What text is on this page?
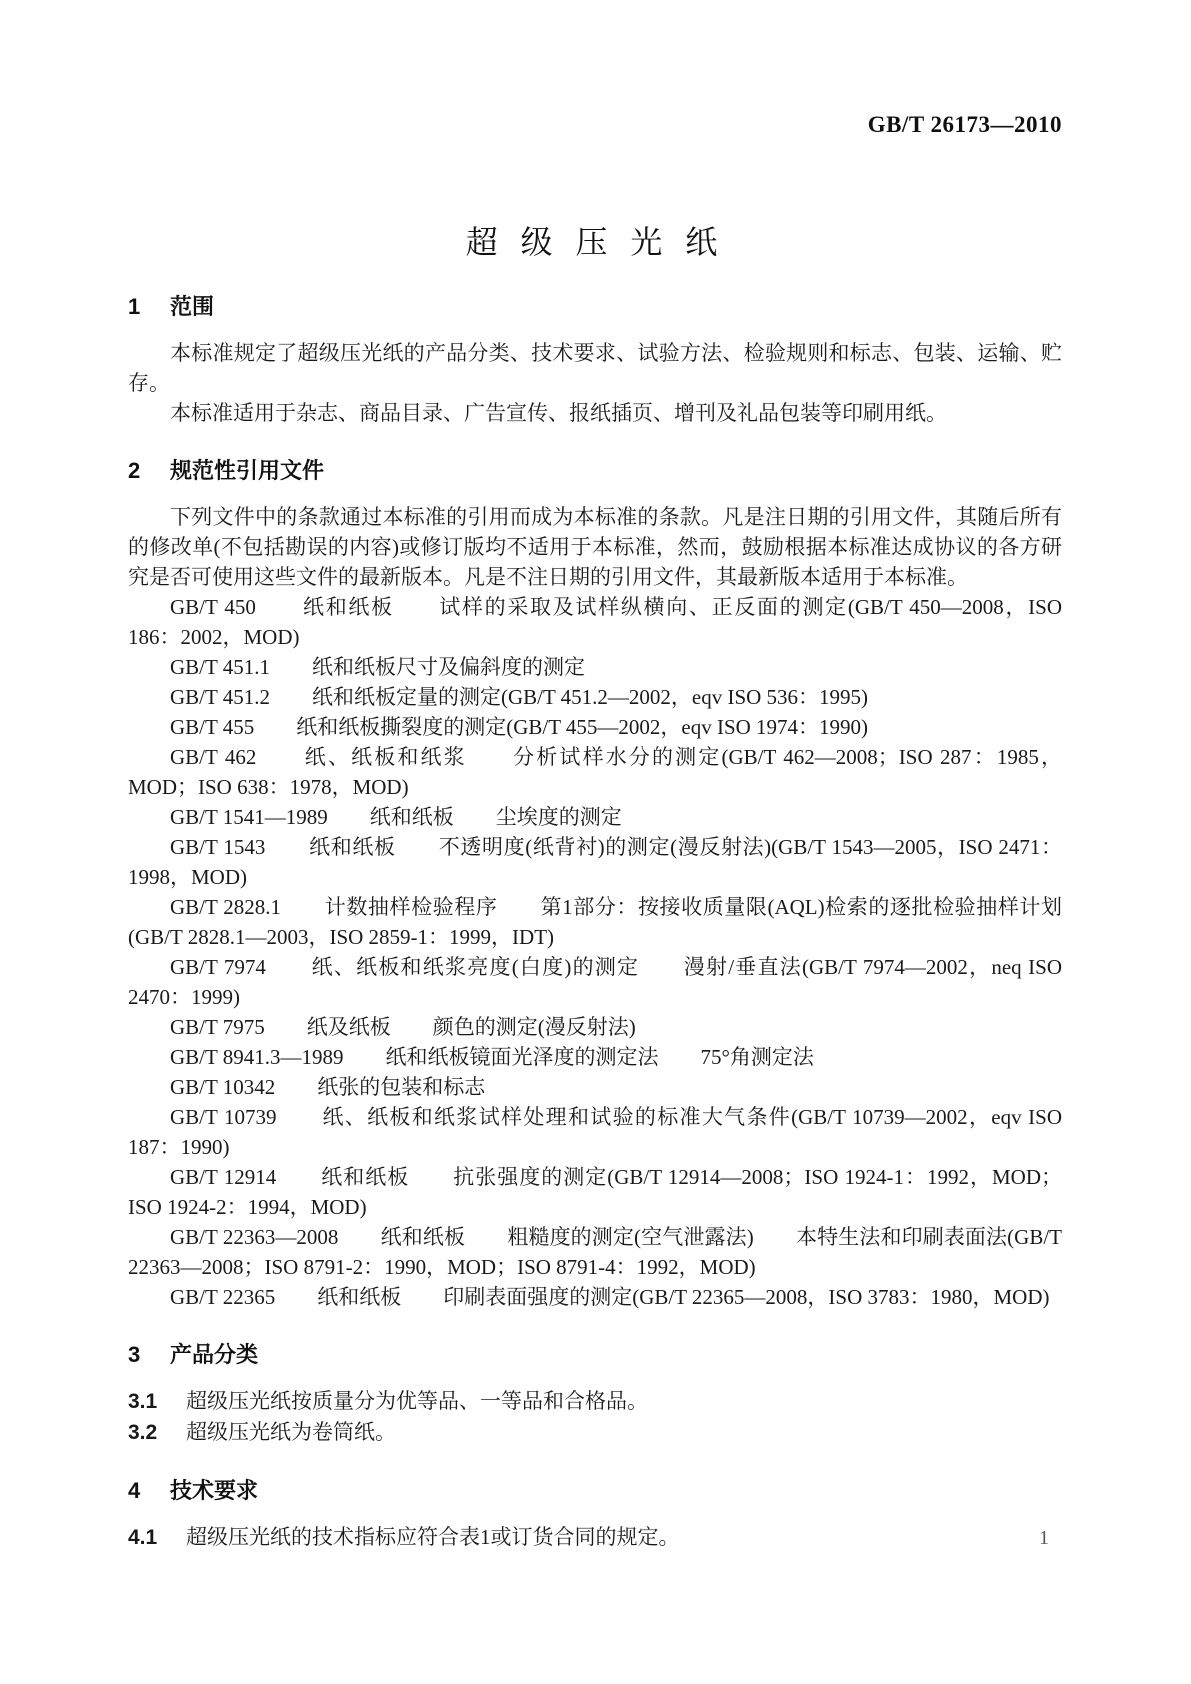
GB/T 26173—2010
超 级 压 光 纸
1 范围

本标准规定了超级压光纸的产品分类、技术要求、试验方法、检验规则和标志、包装、运输、贮存。

本标准适用于杂志、商品目录、广告宣传、报纸插页、增刊及礼品包装等印刷用纸。

2 规范性引用文件

下列文件中的条款通过本标准的引用而成为本标准的条款。凡是注日期的引用文件，其随后所有的修改单(不包括勘误的内容)或修订版均不适用于本标准，然而，鼓励根据本标准达成协议的各方研究是否可使用这些文件的最新版本。凡是不注日期的引用文件，其最新版本适用于本标准。

GB/T 450　　纸和纸板　　试样的采取及试样纵横向、正反面的测定(GB/T 450—2008，ISO 186：2002，MOD)

GB/T 451.1　　纸和纸板尺寸及偏斜度的测定

GB/T 451.2　　纸和纸板定量的测定(GB/T 451.2—2002，eqv ISO 536：1995)

GB/T 455　　纸和纸板撕裂度的测定(GB/T 455—2002，eqv ISO 1974：1990)

GB/T 462　　纸、纸板和纸浆　　分析试样水分的测定(GB/T 462—2008；ISO 287：1985，MOD；ISO 638：1978，MOD)

GB/T 1541—1989　　纸和纸板　　尘埃度的测定

GB/T 1543　　纸和纸板　　不透明度(纸背衬)的测定(漫反射法)(GB/T 1543—2005，ISO 2471：1998，MOD)

GB/T 2828.1　　计数抽样检验程序　　第1部分：按接收质量限(AQL)检索的逐批检验抽样计划(GB/T 2828.1—2003，ISO 2859-1：1999，IDT)

GB/T 7974　　纸、纸板和纸浆亮度(白度)的测定　　漫射/垂直法(GB/T 7974—2002，neq ISO 2470：1999)

GB/T 7975　　纸及纸板　　颜色的测定(漫反射法)

GB/T 8941.3—1989　　纸和纸板镜面光泽度的测定法　　75°角测定法

GB/T 10342　　纸张的包装和标志

GB/T 10739　　纸、纸板和纸浆试样处理和试验的标准大气条件(GB/T 10739—2002，eqv ISO 187：1990)

GB/T 12914　　纸和纸板　　抗张强度的测定(GB/T 12914—2008；ISO 1924-1：1992，MOD；ISO 1924-2：1994，MOD)

GB/T 22363—2008　　纸和纸板　　粗糙度的测定(空气泄露法)　　本特生法和印刷表面法(GB/T 22363—2008；ISO 8791-2：1990，MOD；ISO 8791-4：1992，MOD)

GB/T 22365　　纸和纸板　　印刷表面强度的测定(GB/T 22365—2008，ISO 3783：1980，MOD)

3 产品分类

3.1 超级压光纸按质量分为优等品、一等品和合格品。

3.2 超级压光纸为卷筒纸。

4 技术要求

4.1 超级压光纸的技术指标应符合表1或订货合同的规定。	1
